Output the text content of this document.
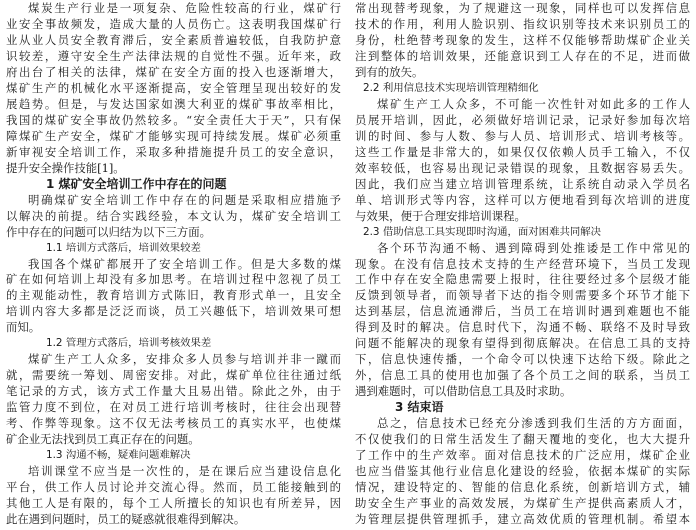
煤炭生产行业是一项复杂、危险性较高的行业，煤矿行
业安全事故频发，造成大量的人员伤亡。这表明我国煤矿行
业从业人员安全教育滞后，安全素质普遍较低，自我防护意
识较差，遵守安全生产法律法规的自觉性不强。近年来，政
府出台了相关的法律，煤矿在安全方面的投入也逐渐增大，
煤矿生产的机械化水平逐渐提高，安全管理呈现出较好的发
展趋势。但是，与发达国家如澳大利亚的煤矿事故率相比，
我国的煤矿安全事故仍然较多。“安全责任大于天”，只有保
障煤矿生产安全，煤矿才能够实现可持续发展。煤矿必须重
新审视安全培训工作，采取多种措施提升员工的安全意识，
提升安全操作技能[1]。
1 煤矿安全培训工作中存在的问题
明确煤矿安全培训工作中存在的问题是采取相应措施予
以解决的前提。结合实践经验，本文认为，煤矿安全培训工
作中存在的问题可以归结为以下三方面。
1.1 培训方式落后，培训效果较差
我国各个煤矿都展开了安全培训工作。但是大多数的煤
矿在如何培训上却没有多加思考。在培训过程中忽视了员工
的主观能动性，教育培训方式陈旧，教育形式单一，且安全
培训内容大多都是泛泛而谈，员工兴趣低下，培训效果可想
而知。
1.2 管理方式落后，培训考核效果差
煤矿生产工人众多，安排众多人员参与培训并非一蹴而
就，需要统一筹划、周密安排。对此，煤矿单位往往通过纸
笔记录的方式，该方式工作量大且易出错。除此之外，由于
监管力度不到位，在对员工进行培训考核时，往往会出现替
考、作弊等现象。这不仅无法考核员工的真实水平，也使煤
矿企业无法找到员工真正存在的问题。
1.3 沟通不畅，疑难问题难解决
培训课堂不应当是一次性的，是在课后应当建设信息化
平台，供工作人员讨论并交流心得。然而，员工能接触到的
其他工人是有限的，每个工人所擅长的知识也有所差异，因
此在遇到问题时，员工的疑惑就很难得到解决。
常出现替考现象，为了规避这一现象，同样也可以发挥信息
技术的作用，利用人脸识别、指纹识别等技术来识别员工的
身份，杜绝替考现象的发生，这样不仅能够帮助煤矿企业关
注到整体的培训效果，还能意识到工人存在的不足，进而做
到有的放矢。
2.2 利用信息技术实现培训管理精细化
煤矿生产工人众多，不可能一次性针对如此多的工作人
员展开培训，因此，必须做好培训记录，记录好参加每次培
训的时间、参与人数、参与人员、培训形式、培训考核等。
这些工作量是非常大的，如果仅仅依赖人员手工输入，不仅
效率较低，也容易出现记录错误的现象，且数据容易丢失。
因此，我们应当建立培训管理系统，让系统自动录入学员名
单、培训形式等内容，这样可以方便地看到每次培训的进度
与效果，便于合理安排培训课程。
2.3 借助信息工具实现即时沟通，面对困难共同解决
各个环节沟通不畅、遇到障碍到处推诿是工作中常见的
现象。在没有信息技术支持的生产经营环境下，当员工发现
工作中存在安全隐患需要上报时，往往要经过多个层级才能
反馈到领导者，而领导者下达的指令则需要多个环节才能下
达到基层，信息流通滞后，当员工在培训时遇到难题也不能
得到及时的解决。信息时代下，沟通不畅、联络不及时导致
问题不能解决的现象有望得到彻底解决。在信息工具的支持
下，信息快速传播，一个命令可以快速下达给下级。除此之
外，信息工具的使用也加强了各个员工之间的联系，当员工
遇到难题时，可以借助信息工具及时求助。
3 结束语
总之，信息技术已经充分渗透到我们生活的方方面面，
不仅使我们的日常生活发生了翻天覆地的变化，也大大提升
了工作中的生产效率。面对信息技术的广泛应用，煤矿企业
也应当借鉴其他行业信息化建设的经验，依据本煤矿的实际
情况，建设特定的、智能的信息化系统，创新培训方式，辅
助安全生产事业的高效发展，为煤矿生产提供高素质人才，
为管理层提供管理抓手，建立高效优质的管理机制。希望本
